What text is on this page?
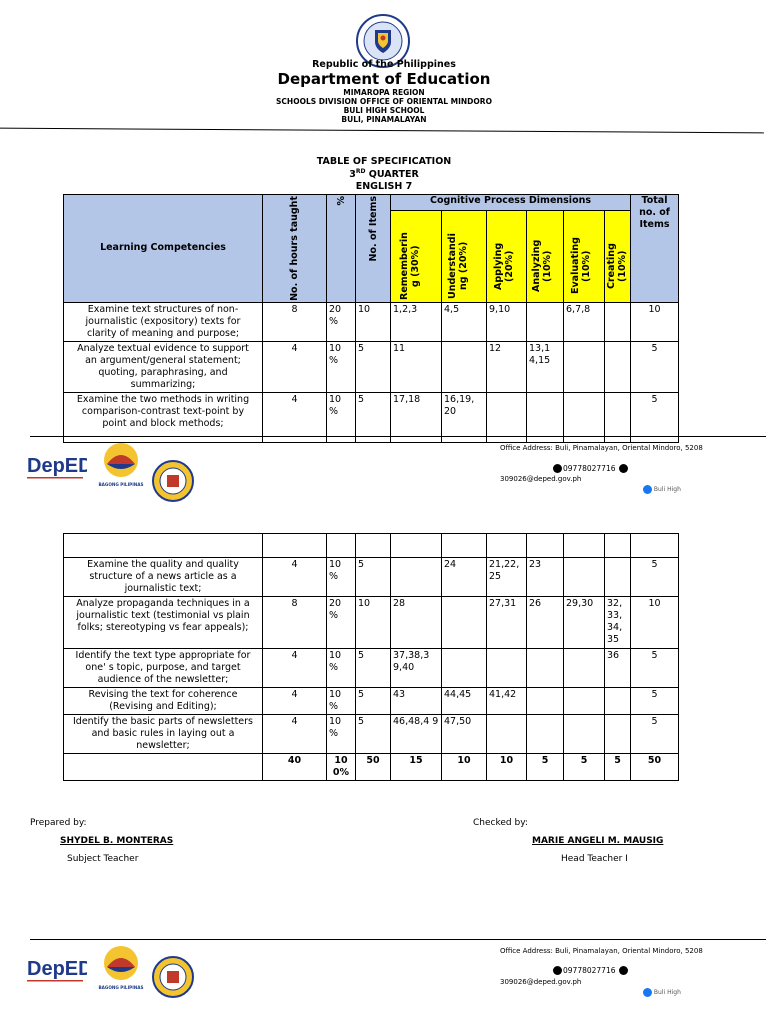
Republic of the Philippines
Department of Education
MIMAROPA REGION
SCHOOLS DIVISION OFFICE OF ORIENTAL MINDORO
BULI HIGH SCHOOL
BULI, PINAMALAYAN
TABLE OF SPECIFICATION
3RD QUARTER
ENGLISH 7
Learning Competencies	No. of hours taught	%	No. of Items	Cognitive Process Dimensions						Total no. of Items

				Rememberin g (30%)	Understandi ng (20%)	Applying (20%)	Analyzing (10%)	Evaluating (10%)	Creating (10%)	

Examine text structures of non-journalistic (expository) texts for clarity of meaning and purpose;	8	20 %	10	1,2,3	4,5	9,10		6,7,8		10
Analyze textual evidence to support an argument/general statement; quoting, paraphrasing, and summarizing;	4	10 %	5	11		12	13,1 4,15			5
Examine the two methods in writing comparison-contrast text-point by point and block methods;	4	10 %	5	17,18	16,19, 20					5
DepED
BAGONG PILIPINAS
Office Address: Buli, Pinamalayan, Oriental Mindoro, 5208
09778027716
309026@deped.gov.ph
Buli High

Examine the quality and quality structure of a news article as a journalistic text;	4	10 %	5		24	21,22, 25	23			5
Analyze propaganda techniques in a journalistic text (testimonial vs plain folks; stereotyping vs fear appeals);	8	20 %	10	28		27,31	26	29,30	32, 33, 34, 35	10
Identify the text type appropriate for one' s topic, purpose, and target audience of the newsletter;	4	10 %	5	37,38,3 9,40					36	5
Revising the text for coherence (Revising and Editing);	4	10 %	5	43	44,45	41,42				5
Identify the basic parts of newsletters and basic rules in laying out a newsletter;	4	10 %	5	46,48,4 9	47,50					5
	40	10 0%	50	15	10	10	5	5	5	50
Prepared by:
SHYDEL B. MONTERAS
Subject Teacher
Checked by:
MARIE ANGELI M. MAUSIG
Head Teacher I
DepED
BAGONG PILIPINAS
Office Address: Buli, Pinamalayan, Oriental Mindoro, 5208
09778027716
309026@deped.gov.ph
Buli High
